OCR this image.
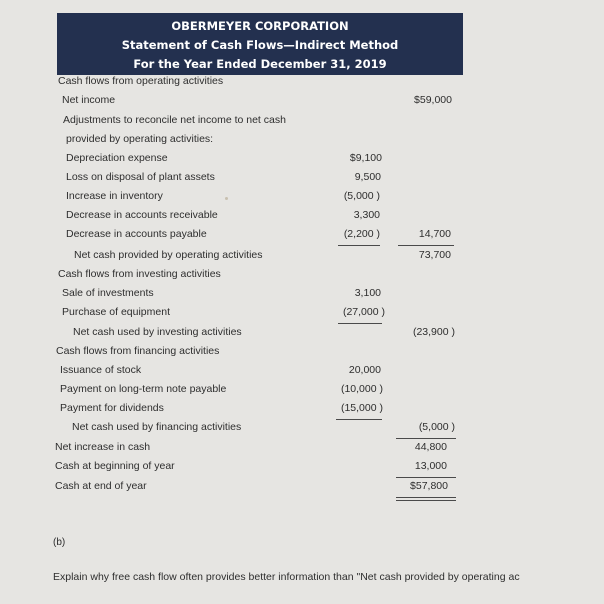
OBERMEYER CORPORATION
Statement of Cash Flows—Indirect Method
For the Year Ended December 31, 2019
Cash flows from operating activities
Net income	$59,000
Adjustments to reconcile net income to net cash
provided by operating activities:
Depreciation expense	$9,100
Loss on disposal of plant assets	9,500
Increase in inventory	(5,000 )
Decrease in accounts receivable	3,300
Decrease in accounts payable	(2,200 )	14,700
Net cash provided by operating activities	73,700
Cash flows from investing activities
Sale of investments	3,100
Purchase of equipment	(27,000 )
Net cash used by investing activities	(23,900 )
Cash flows from financing activities
Issuance of stock	20,000
Payment on long-term note payable	(10,000 )
Payment for dividends	(15,000 )
Net cash used by financing activities	(5,000 )
Net increase in cash	44,800
Cash at beginning of year	13,000
Cash at end of year	$57,800
(b)
Explain why free cash flow often provides better information than "Net cash provided by operating ac
